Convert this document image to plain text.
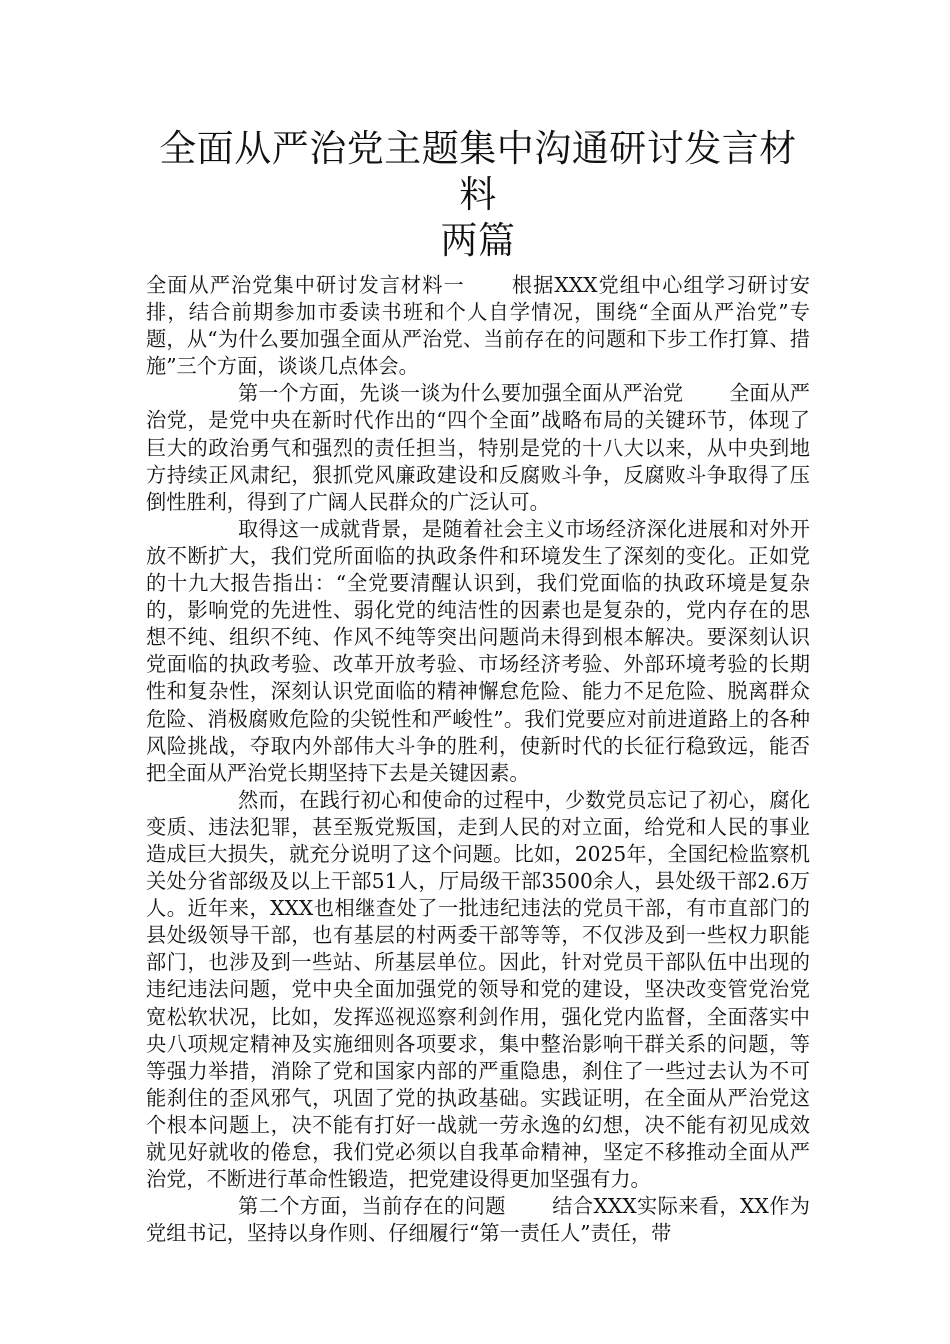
全面从严治党主题集中沟通研讨发言材料
两篇

全面从严治党集中研讨发言材料一 根据XXX党组中心组学习研讨安排，结合前期参加市委读书班和个人自学情况，围绕“全面从严治党”专题，从“为什么要加强全面从严治党、当前存在的问题和下步工作打算、措施”三个方面，谈谈几点体会。

第一个方面，先谈一谈为什么要加强全面从严治党 全面从严治党，是党中央在新时代作出的“四个全面”战略布局的关键环节，体现了巨大的政治勇气和强烈的责任担当，特别是党的十八大以来，从中央到地方持续正风肃纪，狠抓党风廉政建设和反腐败斗争，反腐败斗争取得了压倒性胜利，得到了广阔人民群众的广泛认可。

取得这一成就背景，是随着社会主义市场经济深化进展和对外开放不断扩大，我们党所面临的执政条件和环境发生了深刻的变化。正如党的十九大报告指出：“全党要清醒认识到，我们党面临的执政环境是复杂的，影响党的先进性、弱化党的纯洁性的因素也是复杂的，党内存在的思想不纯、组织不纯、作风不纯等突出问题尚未得到根本解决。要深刻认识党面临的执政考验、改革开放考验、市场经济考验、外部环境考验的长期性和复杂性，深刻认识党面临的精神懈怠危险、能力不足危险、脱离群众危险、消极腐败危险的尖锐性和严峻性”。我们党要应对前进道路上的各种风险挑战，夺取内外部伟大斗争的胜利，使新时代的长征行稳致远，能否把全面从严治党长期坚持下去是关键因素。

然而，在践行初心和使命的过程中，少数党员忘记了初心，腐化变质、违法犯罪，甚至叛党叛国，走到人民的对立面，给党和人民的事业造成巨大损失，就充分说明了这个问题。比如，2025年，全国纪检监察机关处分省部级及以上干部51人，厅局级干部3500余人，县处级干部2.6万人。近年来，XXX也相继查处了一批违纪违法的党员干部，有市直部门的县处级领导干部，也有基层的村两委干部等等，不仅涉及到一些权力职能部门，也涉及到一些站、所基层单位。因此，针对党员干部队伍中出现的违纪违法问题，党中央全面加强党的领导和党的建设，坚决改变管党治党宽松软状况，比如，发挥巡视巡察利剑作用，强化党内监督，全面落实中央八项规定精神及实施细则各项要求，集中整治影响干群关系的问题，等等强力举措，消除了党和国家内部的严重隐患，刹住了一些过去认为不可能刹住的歪风邪气，巩固了党的执政基础。实践证明，在全面从严治党这个根本问题上，决不能有打好一战就一劳永逸的幻想，决不能有初见成效就见好就收的倦怠，我们党必须以自我革命精神，坚定不移推动全面从严治党，不断进行革命性锻造，把党建设得更加坚强有力。

第二个方面，当前存在的问题 结合XXX实际来看，XX作为党组书记，坚持以身作则、仔细履行“第一责任人”责任，带
